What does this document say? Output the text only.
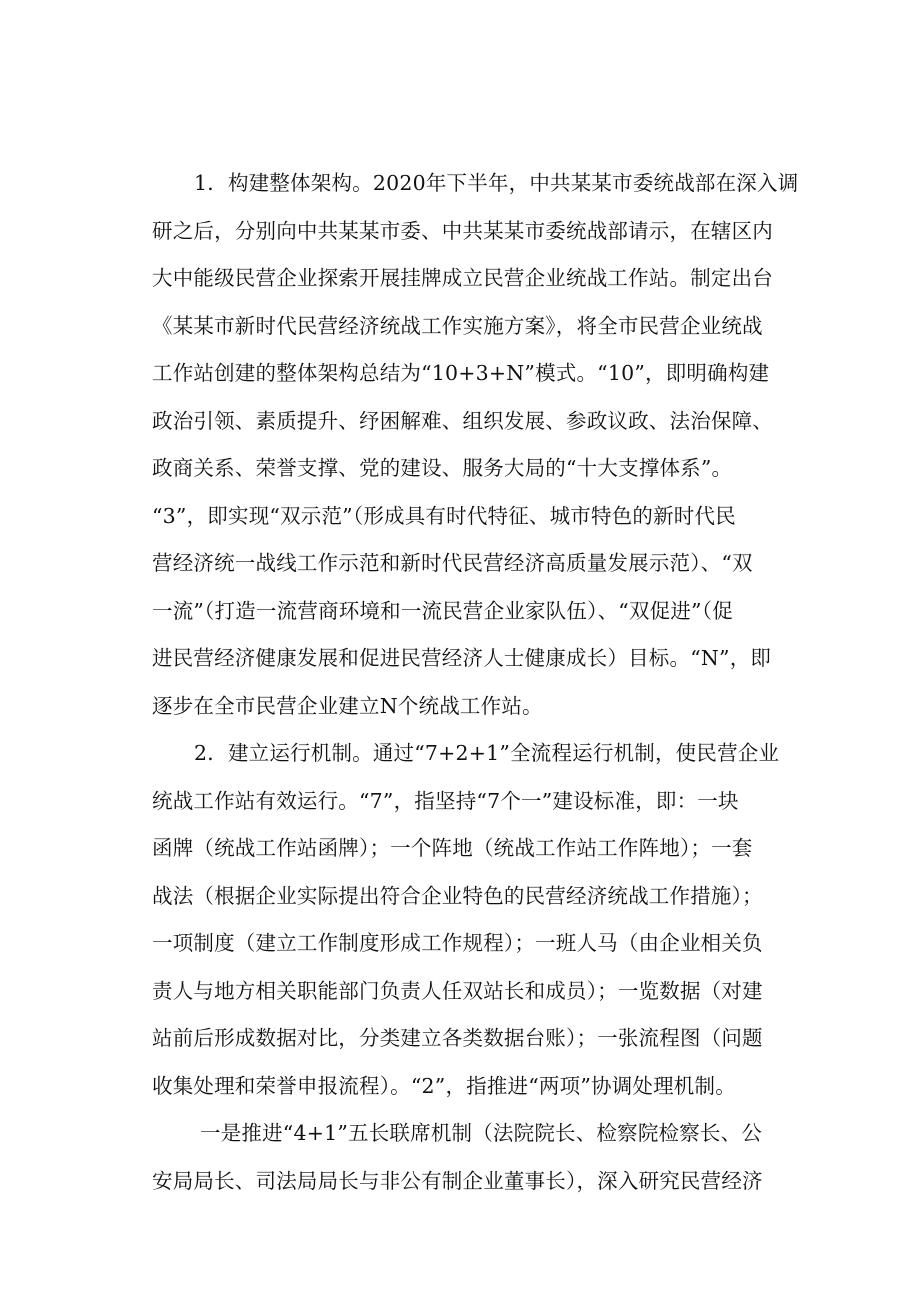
1．构建整体架构。2020年下半年，中共某某市委统战部在深入调
研之后，分别向中共某某市委、中共某某市委统战部请示，在辖区内
大中能级民营企业探索开展挂牌成立民营企业统战工作站。制定出台
《某某市新时代民营经济统战工作实施方案》，将全市民营企业统战
工作站创建的整体架构总结为“10+3+N”模式。“10”，即明确构建
政治引领、素质提升、纾困解难、组织发展、参政议政、法治保障、
政商关系、荣誉支撑、党的建设、服务大局的“十大支撑体系”。
“3”，即实现“双示范”（形成具有时代特征、城市特色的新时代民
营经济统一战线工作示范和新时代民营经济高质量发展示范）、“双
一流”（打造一流营商环境和一流民营企业家队伍）、“双促进”（促
进民营经济健康发展和促进民营经济人士健康成长）目标。“N”，即
逐步在全市民营企业建立N个统战工作站。
2．建立运行机制。通过“7+2+1”全流程运行机制，使民营企业
统战工作站有效运行。“7”，指坚持“7个一”建设标准，即：一块
函牌（统战工作站函牌）；一个阵地（统战工作站工作阵地）；一套
战法（根据企业实际提出符合企业特色的民营经济统战工作措施）；
一项制度（建立工作制度形成工作规程）；一班人马（由企业相关负
责人与地方相关职能部门负责人任双站长和成员）；一览数据（对建
站前后形成数据对比，分类建立各类数据台账）；一张流程图（问题
收集处理和荣誉申报流程）。“2”，指推进“两项”协调处理机制。
一是推进“4+1”五长联席机制（法院院长、检察院检察长、公
安局局长、司法局局长与非公有制企业董事长），深入研究民营经济
